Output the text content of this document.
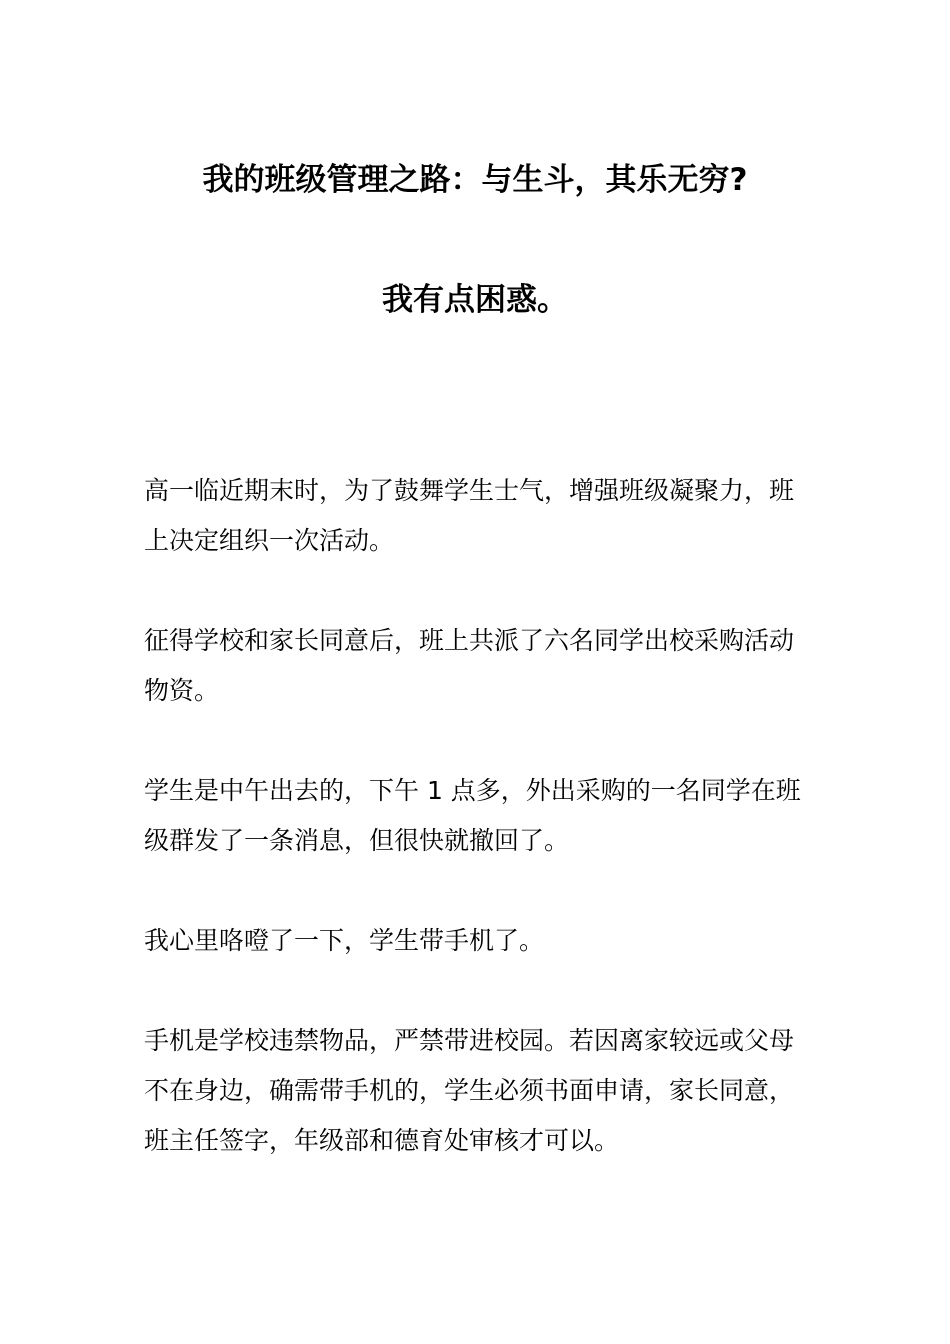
我的班级管理之路：与生斗，其乐无穷?
我有点困惑。

高一临近期末时，为了鼓舞学生士气，增强班级凝聚力，班上决定组织一次活动。

征得学校和家长同意后，班上共派了六名同学出校采购活动物资。

学生是中午出去的，下午 1 点多，外出采购的一名同学在班级群发了一条消息，但很快就撤回了。

我心里咯噔了一下，学生带手机了。

手机是学校违禁物品，严禁带进校园。若因离家较远或父母不在身边，确需带手机的，学生必须书面申请，家长同意，班主任签字，年级部和德育处审核才可以。
